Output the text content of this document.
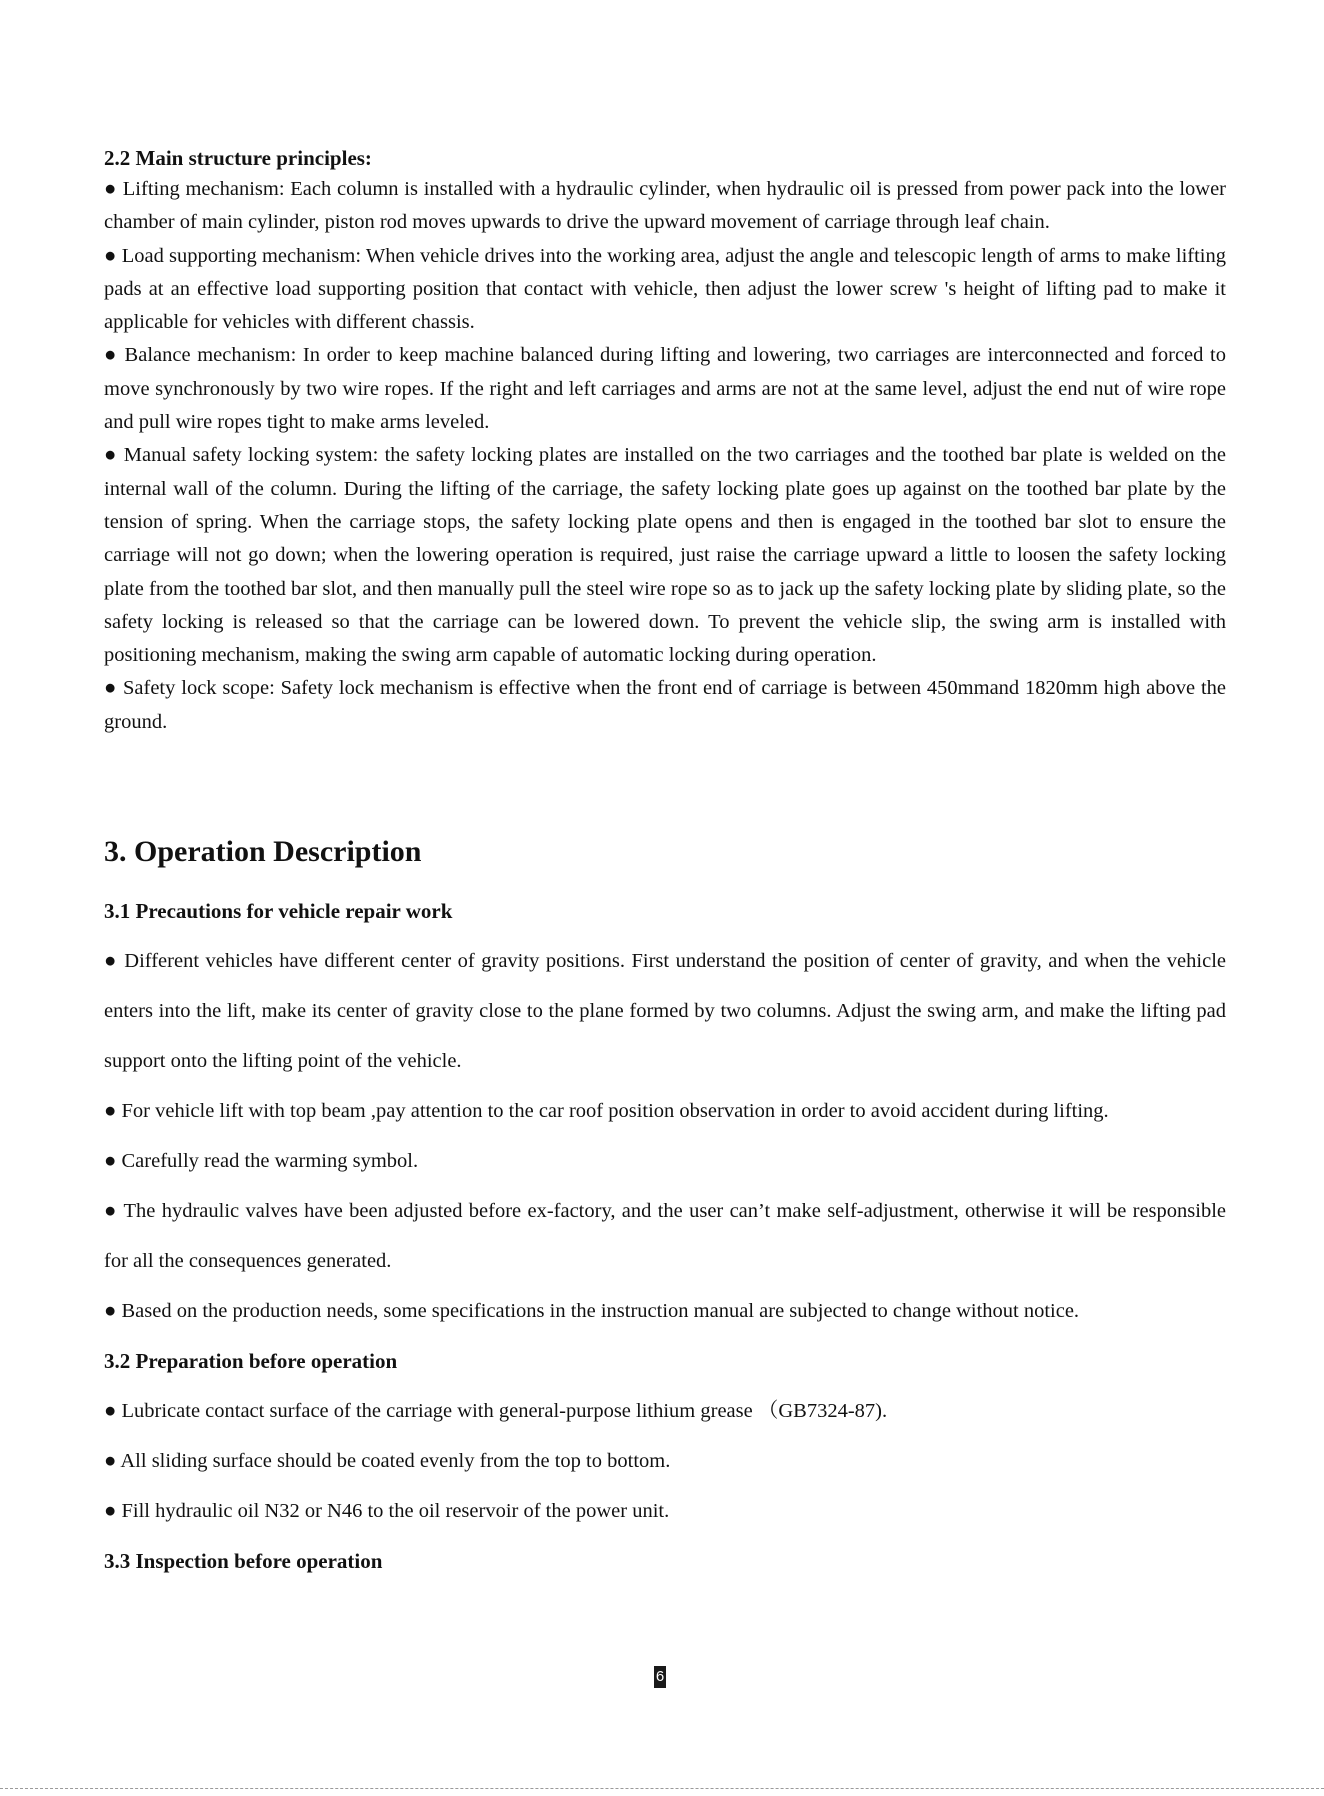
2.2 Main structure principles:

● Lifting mechanism: Each column is installed with a hydraulic cylinder, when hydraulic oil is pressed from power pack into the lower chamber of main cylinder, piston rod moves upwards to drive the upward movement of carriage through leaf chain.

● Load supporting mechanism: When vehicle drives into the working area, adjust the angle and telescopic length of arms to make lifting pads at an effective load supporting position that contact with vehicle, then adjust the lower screw 's height of lifting pad to make it applicable for vehicles with different chassis.

● Balance mechanism: In order to keep machine balanced during lifting and lowering, two carriages are interconnected and forced to move synchronously by two wire ropes. If the right and left carriages and arms are not at the same level, adjust the end nut of wire rope and pull wire ropes tight to make arms leveled.

● Manual safety locking system: the safety locking plates are installed on the two carriages and the toothed bar plate is welded on the internal wall of the column. During the lifting of the carriage, the safety locking plate goes up against on the toothed bar plate by the tension of spring. When the carriage stops, the safety locking plate opens and then is engaged in the toothed bar slot to ensure the carriage will not go down; when the lowering operation is required, just raise the carriage upward a little to loosen the safety locking plate from the toothed bar slot, and then manually pull the steel wire rope so as to jack up the safety locking plate by sliding plate, so the safety locking is released so that the carriage can be lowered down. To prevent the vehicle slip, the swing arm is installed with positioning mechanism, making the swing arm capable of automatic locking during operation.

● Safety lock scope: Safety lock mechanism is effective when the front end of carriage is between 450mmand 1820mm high above the ground.

3. Operation Description

3.1 Precautions for vehicle repair work

● Different vehicles have different center of gravity positions. First understand the position of center of gravity, and when the vehicle enters into the lift, make its center of gravity close to the plane formed by two columns. Adjust the swing arm, and make the lifting pad support onto the lifting point of the vehicle.

● For vehicle lift with top beam ,pay attention to the car roof position observation in order to avoid accident during lifting.

● Carefully read the warming symbol.

● The hydraulic valves have been adjusted before ex-factory, and the user can’t make self-adjustment, otherwise it will be responsible for all the consequences generated.

● Based on the production needs, some specifications in the instruction manual are subjected to change without notice.

3.2 Preparation before operation

● Lubricate contact surface of the carriage with general-purpose lithium grease （GB7324-87).

● All sliding surface should be coated evenly from the top to bottom.

● Fill hydraulic oil N32 or N46 to the oil reservoir of the power unit.

3.3 Inspection before operation

6
